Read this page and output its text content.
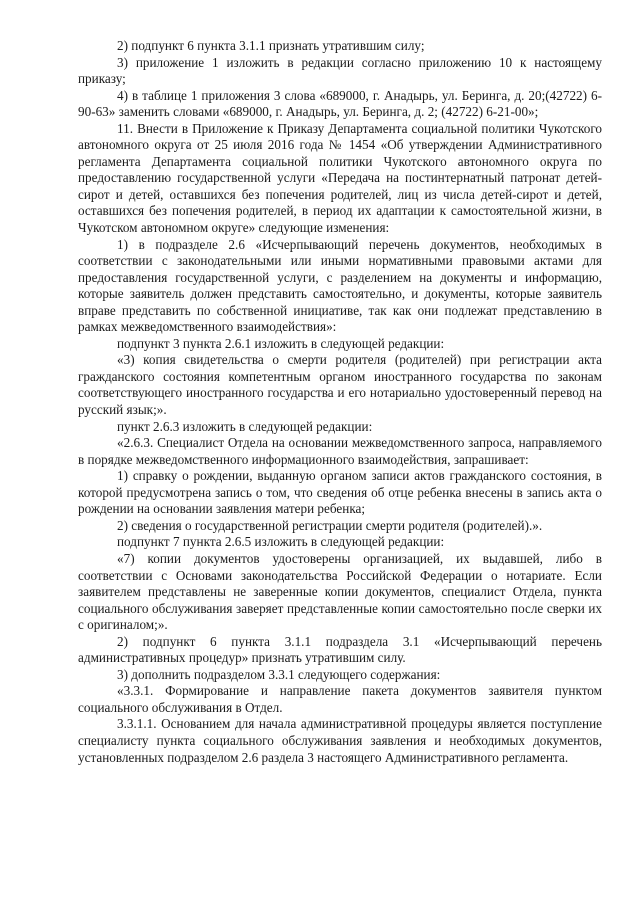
2) подпункт 6 пункта 3.1.1 признать утратившим силу;

3) приложение 1 изложить в редакции согласно приложению 10 к настоящему приказу;

4) в таблице 1 приложения 3 слова «689000, г. Анадырь, ул. Беринга, д. 20;(42722) 6-90-63» заменить словами «689000, г. Анадырь, ул. Беринга, д. 2; (42722) 6-21-00»;

11. Внести в Приложение к Приказу Департамента социальной политики Чукотского автономного округа от 25 июля 2016 года № 1454 «Об утверждении Административного регламента Департамента социальной политики Чукотского автономного округа по предоставлению государственной услуги «Передача на постинтернатный патронат детей-сирот и детей, оставшихся без попечения родителей, лиц из числа детей-сирот и детей, оставшихся без попечения родителей, в период их адаптации к самостоятельной жизни, в Чукотском автономном округе» следующие изменения:

1) в подразделе 2.6 «Исчерпывающий перечень документов, необходимых в соответствии с законодательными или иными нормативными правовыми актами для предоставления государственной услуги, с разделением на документы и информацию, которые заявитель должен представить самостоятельно, и документы, которые заявитель вправе представить по собственной инициативе, так как они подлежат представлению в рамках межведомственного взаимодействия»:

подпункт 3 пункта 2.6.1 изложить в следующей редакции:

«3) копия свидетельства о смерти родителя (родителей) при регистрации акта гражданского состояния компетентным органом иностранного государства по законам соответствующего иностранного государства и его нотариально удостоверенный перевод на русский язык;».

пункт 2.6.3 изложить в следующей редакции:

«2.6.3. Специалист Отдела на основании межведомственного запроса, направляемого в порядке межведомственного информационного взаимодействия, запрашивает:

1) справку о рождении, выданную органом записи актов гражданского состояния, в которой предусмотрена запись о том, что сведения об отце ребенка внесены в запись акта о рождении на основании заявления матери ребенка;

2) сведения о государственной регистрации смерти родителя (родителей).».

подпункт 7 пункта 2.6.5 изложить в следующей редакции:

«7) копии документов удостоверены организацией, их выдавшей, либо в соответствии с Основами законодательства Российской Федерации о нотариате. Если заявителем представлены не заверенные копии документов, специалист Отдела, пункта социального обслуживания заверяет представленные копии самостоятельно после сверки их с оригиналом;».

2) подпункт 6 пункта 3.1.1 подраздела 3.1 «Исчерпывающий перечень административных процедур» признать утратившим силу.

3) дополнить подразделом 3.3.1 следующего содержания:

«3.3.1. Формирование и направление пакета документов заявителя пунктом социального обслуживания в Отдел.

3.3.1.1. Основанием для начала административной процедуры является поступление специалисту пункта социального обслуживания заявления и необходимых документов, установленных подразделом 2.6 раздела 3 настоящего Административного регламента.
